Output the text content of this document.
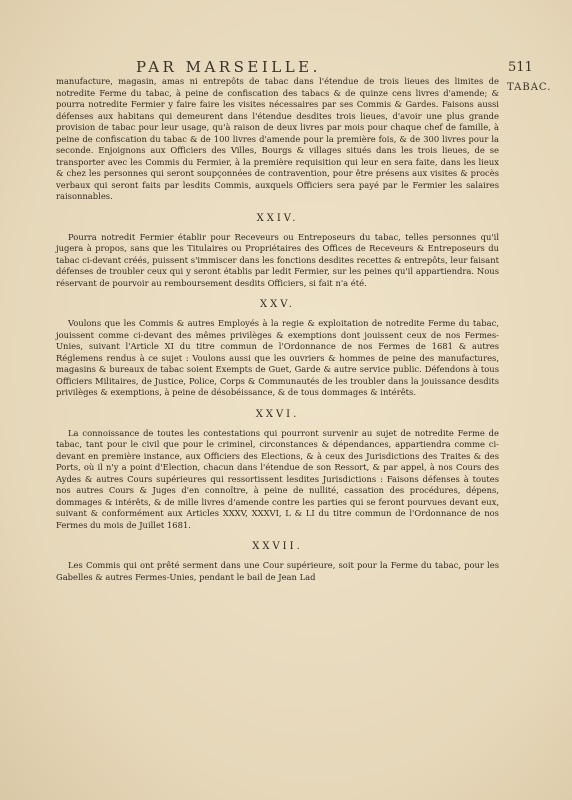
PAR MARSEILLE.	511
TABAC.

manufacture, magasin, amas ni entrepôts de tabac dans l'étendue de trois lieues des limites de notredite Ferme du tabac, à peine de confiscation des tabacs & de quinze cens livres d'amende; & pourra notredite Fermier y faire faire les visites nécessaires par ses Commis & Gardes. Faisons aussi défenses aux habitans qui demeurent dans l'étendue desdites trois lieues, d'avoir une plus grande provision de tabac pour leur usage, qu'à raison de deux livres par mois pour chaque chef de famille, à peine de confiscation du tabac & de 100 livres d'amende pour la première fois, & de 300 livres pour la seconde. Enjoignons aux Officiers des Villes, Bourgs & villages situés dans les trois lieues, de se transporter avec les Commis du Fermier, à la première requisition qui leur en sera faite, dans les lieux & chez les personnes qui seront soupçonnées de contravention, pour être présens aux visites & procès verbaux qui seront faits par lesdits Commis, auxquels Officiers sera payé par le Fermier les salaires raisonnables.

XXIV.

Pourra notredit Fermier établir pour Receveurs ou Entreposeurs du tabac, telles personnes qu'il jugera à propos, sans que les Titulaires ou Propriétaires des Offices de Receveurs & Entreposeurs du tabac ci-devant créés, puissent s'immiscer dans les fonctions desdites recettes & entrepôts, leur faisant défenses de troubler ceux qui y seront établis par ledit Fermier, sur les peines qu'il appartiendra. Nous réservant de pourvoir au remboursement desdits Officiers, si fait n'a été.

XXV.

Voulons que les Commis & autres Employés à la regie & exploitation de notredite Ferme du tabac, jouissent comme ci-devant des mêmes privilèges & exemptions dont jouissent ceux de nos Fermes-Unies, suivant l'Article XI du titre commun de l'Ordonnance de nos Fermes de 1681 & autres Réglemens rendus à ce sujet : Voulons aussi que les ouvriers & hommes de peine des manufactures, magasins & bureaux de tabac soient Exempts de Guet, Garde & autre service public. Défendons à tous Officiers Militaires, de Justice, Police, Corps & Communautés de les troubler dans la jouissance desdits privilèges & exemptions, à peine de désobéissance, & de tous dommages & intérêts.

XXVI.

La connoissance de toutes les contestations qui pourront survenir au sujet de notredite Ferme de tabac, tant pour le civil que pour le criminel, circonstances & dépendances, appartiendra comme ci-devant en première instance, aux Officiers des Elections, & à ceux des Jurisdictions des Traites & des Ports, où il n'y a point d'Election, chacun dans l'étendue de son Ressort, & par appel, à nos Cours des Aydes & autres Cours supérieures qui ressortissent lesdites Jurisdictions : Faisons défenses à toutes nos autres Cours & Juges d'en connoître, à peine de nullité, cassation des procédures, dépens, dommages & intérêts, & de mille livres d'amende contre les parties qui se feront pourvues devant eux, suivant & conformément aux Articles XXXV, XXXVI, L & LI du titre commun de l'Ordonnance de nos Fermes du mois de Juillet 1681.

XXVII.

Les Commis qui ont prêté serment dans une Cour supérieure, soit pour la Ferme du tabac, pour les Gabelles & autres Fermes-Unies, pendant le bail de Jean Lad
